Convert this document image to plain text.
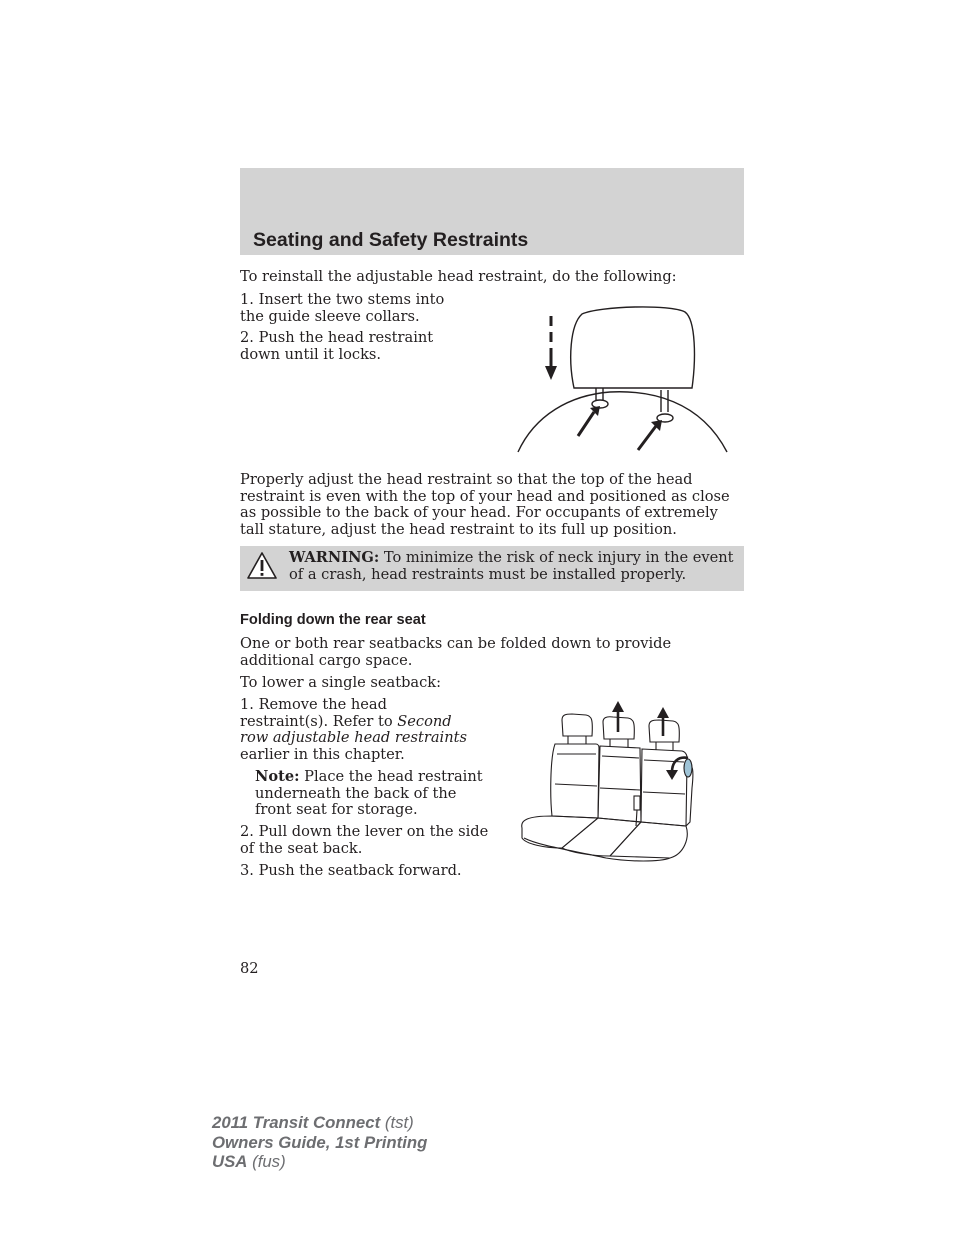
Seating and Safety Restraints
To reinstall the adjustable head restraint, do the following:
1. Insert the two stems into the guide sleeve collars.
2. Push the head restraint down until it locks.
Properly adjust the head restraint so that the top of the head restraint is even with the top of your head and positioned as close as possible to the back of your head. For occupants of extremely tall stature, adjust the head restraint to its full up position.
WARNING: To minimize the risk of neck injury in the event of a crash, head restraints must be installed properly.
Folding down the rear seat
One or both rear seatbacks can be folded down to provide additional cargo space.
To lower a single seatback:
1. Remove the head restraint(s). Refer to Second row adjustable head restraints earlier in this chapter.
Note: Place the head restraint underneath the back of the front seat for storage.
2. Pull down the lever on the side of the seat back.
3. Push the seatback forward.
82
2011 Transit Connect (tst)
Owners Guide, 1st Printing
USA (fus)
